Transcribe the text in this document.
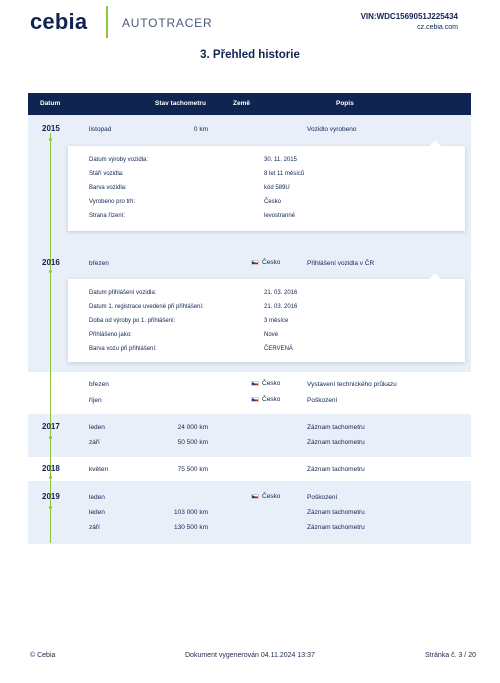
cebia	AUTOTRACER	VIN:WDC1569051J225434
cz.cebia.com
3. Přehled historie
Datum	Stav tachometru	Země	Popis
2015	listopad	0 km	Vozidlo vyrobeno
Datum výroby vozidla:	30. 11. 2015
Stáří vozidla:	8 let 11 měsíců
Barva vozidla:	kód 589U
Vyrobeno pro trh:	Česko
Strana řízení:	levostranné
2016	březen	Česko	Přihlášení vozidla v ČR
Datum přihlášení vozidla:	21. 03. 2016
Datum 1. registrace uvedené při přihlášení:	21. 03. 2016
Doba od výroby po 1. přihlášení:	3 měsíce
Přihlášeno jako:	Nové
Barva vozu při přihlášení:	ČERVENÁ
březen	Česko	Vystavení technického průkazu
říjen	Česko	Poškození
2017	leden	24 000 km	Záznam tachometru
září	50 500 km	Záznam tachometru
2018	květen	75 500 km	Záznam tachometru
2019	leden	Česko	Poškození
leden	103 000 km	Záznam tachometru
září	130 500 km	Záznam tachometru
© Cebia	Dokument vygenerován 04.11.2024 13:37	Stránka č. 3 / 20
